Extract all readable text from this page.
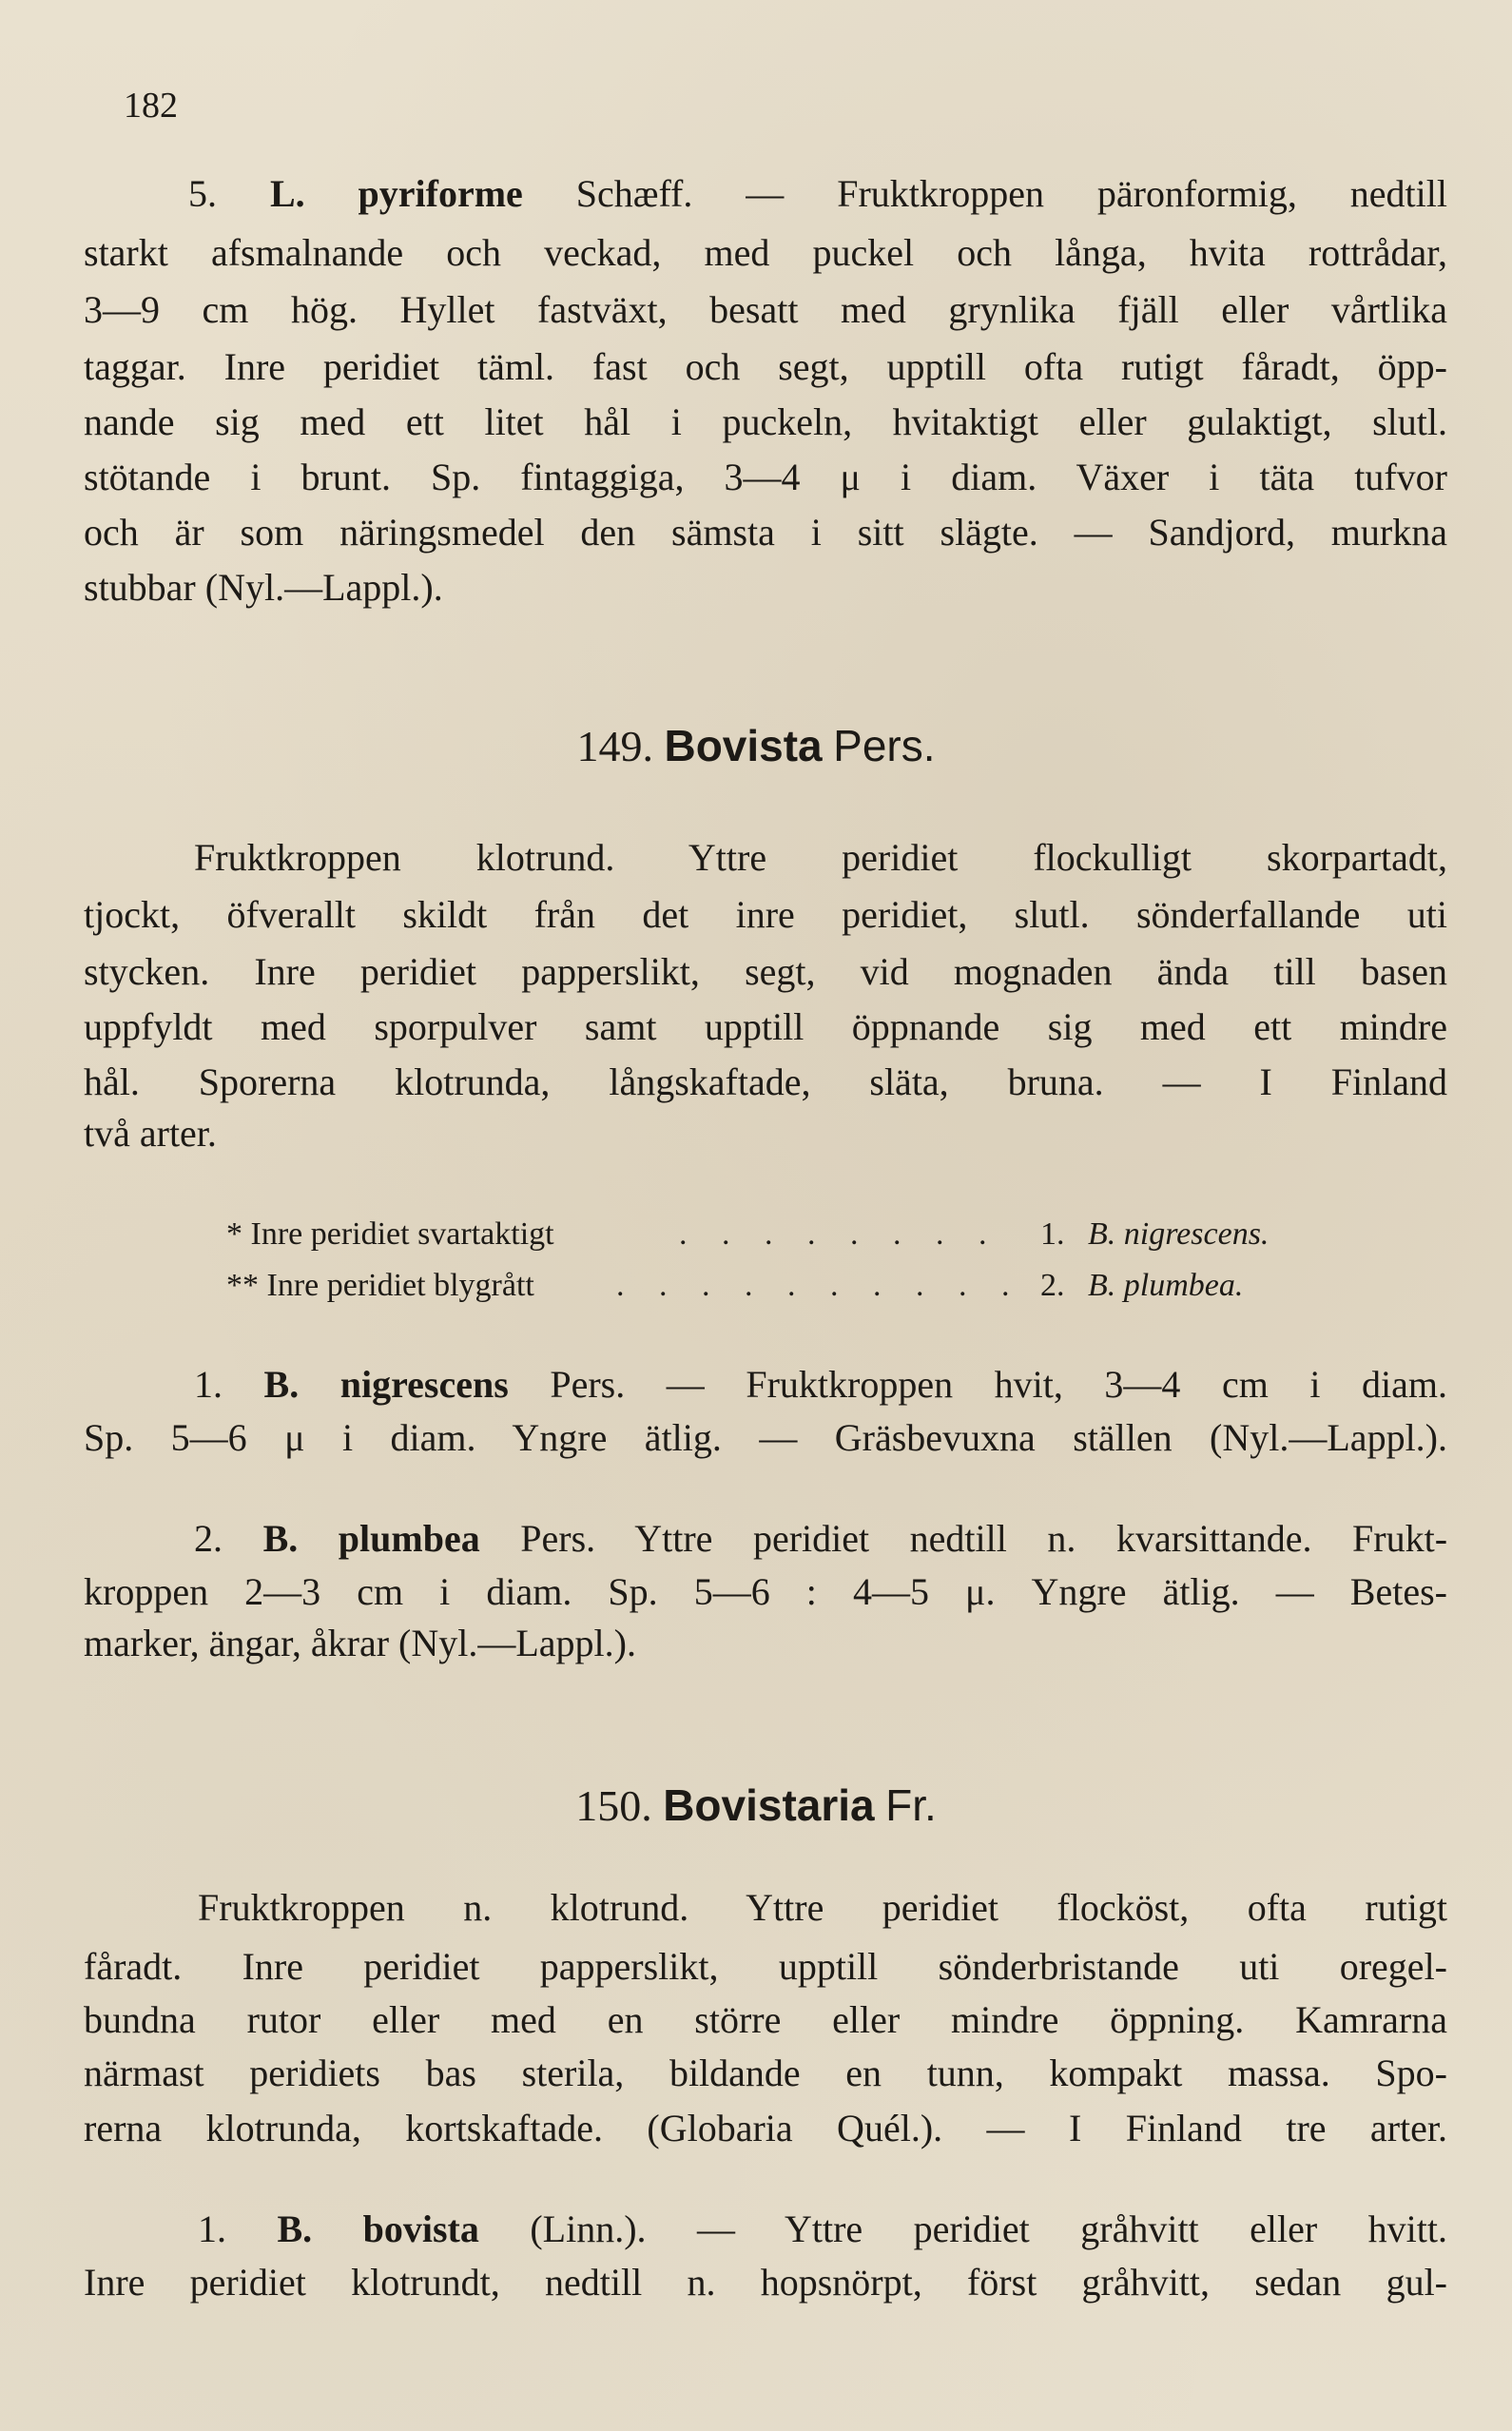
182
5. L. pyriforme Schæff. — Fruktkroppen päronformig, nedtill
starkt afsmalnande och veckad, med puckel och långa, hvita rottrådar,
3—9 cm hög. Hyllet fastväxt, besatt med grynlika fjäll eller vårtlika
taggar. Inre peridiet täml. fast och segt, upptill ofta rutigt fåradt, öpp-
nande sig med ett litet hål i puckeln, hvitaktigt eller gulaktigt, slutl.
stötande i brunt. Sp. fintaggiga, 3—4 μ i diam. Växer i täta tufvor
och är som näringsmedel den sämsta i sitt slägte. — Sandjord, murkna
stubbar (Nyl.—Lappl.).
149. Bovista Pers.
Fruktkroppen klotrund. Yttre peridiet flockulligt skorpartadt,
tjockt, öfverallt skildt från det inre peridiet, slutl. sönderfallande uti
stycken. Inre peridiet papperslikt, segt, vid mognaden ända till basen
uppfyldt med sporpulver samt upptill öppnande sig med ett mindre
hål. Sporerna klotrunda, långskaftade, släta, bruna. — I Finland
två arter.
* Inre peridiet svartaktigt	. . . . . . . . 1. B. nigrescens.
** Inre peridiet blygrått	. . . . . . . . . . 2. B. plumbea.
1. B. nigrescens Pers. — Fruktkroppen hvit, 3—4 cm i diam.
Sp. 5—6 μ i diam. Yngre ätlig. — Gräsbevuxna ställen (Nyl.—Lappl.).
2. B. plumbea Pers. Yttre peridiet nedtill n. kvarsittande. Frukt-
kroppen 2—3 cm i diam. Sp. 5—6 : 4—5 μ. Yngre ätlig. — Betes-
marker, ängar, åkrar (Nyl.—Lappl.).
150. Bovistaria Fr.
Fruktkroppen n. klotrund. Yttre peridiet flocköst, ofta rutigt
fåradt. Inre peridiet papperslikt, upptill sönderbristande uti oregel-
bundna rutor eller med en större eller mindre öppning. Kamrarna
närmast peridiets bas sterila, bildande en tunn, kompakt massa. Spo-
rerna klotrunda, kortskaftade. (Globaria Quél.). — I Finland tre arter.
1. B. bovista (Linn.). — Yttre peridiet gråhvitt eller hvitt.
Inre peridiet klotrundt, nedtill n. hopsnörpt, först gråhvitt, sedan gul-
